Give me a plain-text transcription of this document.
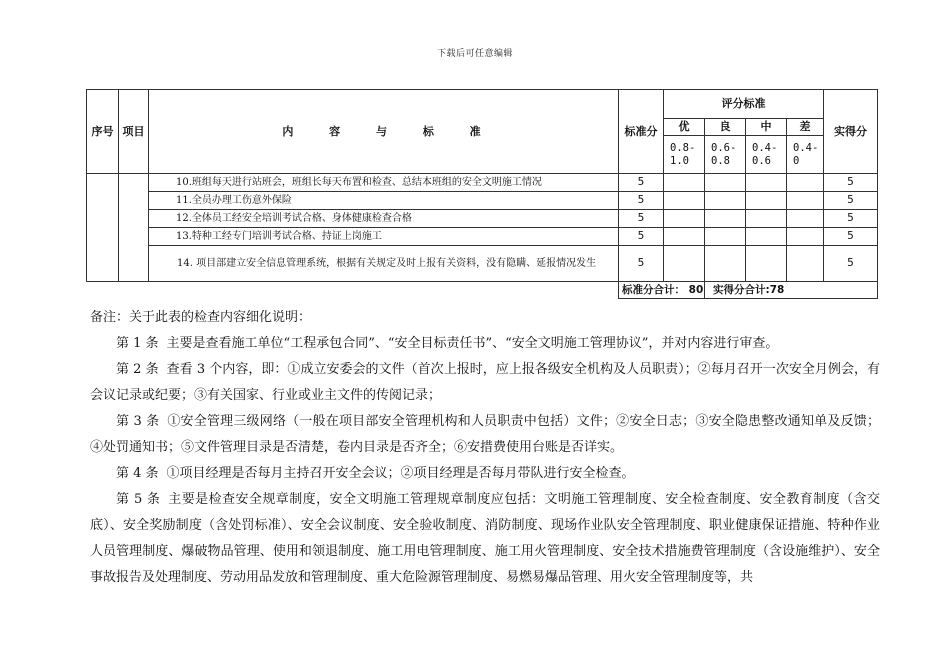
下载后可任意编辑
序号	项目	内 容 与 标 准	标准分	评分标准				实得分
				优	良	中	差	
				0.8-1.0	0.6-0.8	0.4-0.6	0.4-0	
		10.班组每天进行站班会，班组长每天布置和检查、总结本班组的安全文明施工情况	5					5
		11.全员办理工伤意外保险	5					5
		12.全体员工经安全培训考试合格、身体健康检查合格	5					5
		13.特种工经专门培训考试合格、持证上岗施工	5					5
		14. 项目部建立安全信息管理系统，根据有关规定及时上报有关资料，没有隐瞒、延报情况发生	5					5
			标准分合计： 80		实得分合计:78			

备注：关于此表的检查内容细化说明：

第 1 条 主要是查看施工单位“工程承包合同”、“安全目标责任书”、“安全文明施工管理协议”，并对内容进行审查。

第 2 条 查看 3 个内容，即：①成立安委会的文件（首次上报时，应上报各级安全机构及人员职责）；②每月召开一次安全月例会，有会议记录或纪要；③有关国家、行业或业主文件的传阅记录；

第 3 条 ①安全管理三级网络（一般在项目部安全管理机构和人员职责中包括）文件；②安全日志；③安全隐患整改通知单及反馈；④处罚通知书；⑤文件管理目录是否清楚，卷内目录是否齐全；⑥安措费使用台账是否详实。

第 4 条 ①项目经理是否每月主持召开安全会议；②项目经理是否每月带队进行安全检查。

第 5 条 主要是检查安全规章制度，安全文明施工管理规章制度应包括：文明施工管理制度、安全检查制度、安全教育制度（含交底）、安全奖励制度（含处罚标准）、安全会议制度、安全验收制度、消防制度、现场作业队安全管理制度、职业健康保证措施、特种作业人员管理制度、爆破物品管理、使用和领退制度、施工用电管理制度、施工用火管理制度、安全技术措施费管理制度（含设施维护）、安全事故报告及处理制度、劳动用品发放和管理制度、重大危险源管理制度、易燃易爆品管理、用火安全管理制度等，共
